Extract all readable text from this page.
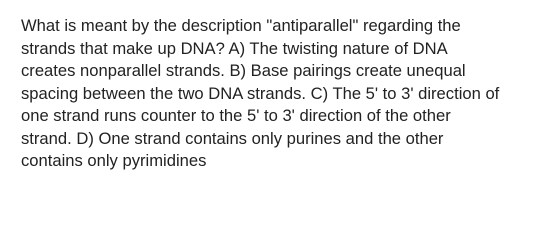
What is meant by the description "antiparallel" regarding the
strands that make up DNA? A) The twisting nature of DNA
creates nonparallel strands. B) Base pairings create unequal
spacing between the two DNA strands. C) The 5' to 3' direction of
one strand runs counter to the 5' to 3' direction of the other
strand. D) One strand contains only purines and the other
contains only pyrimidines
